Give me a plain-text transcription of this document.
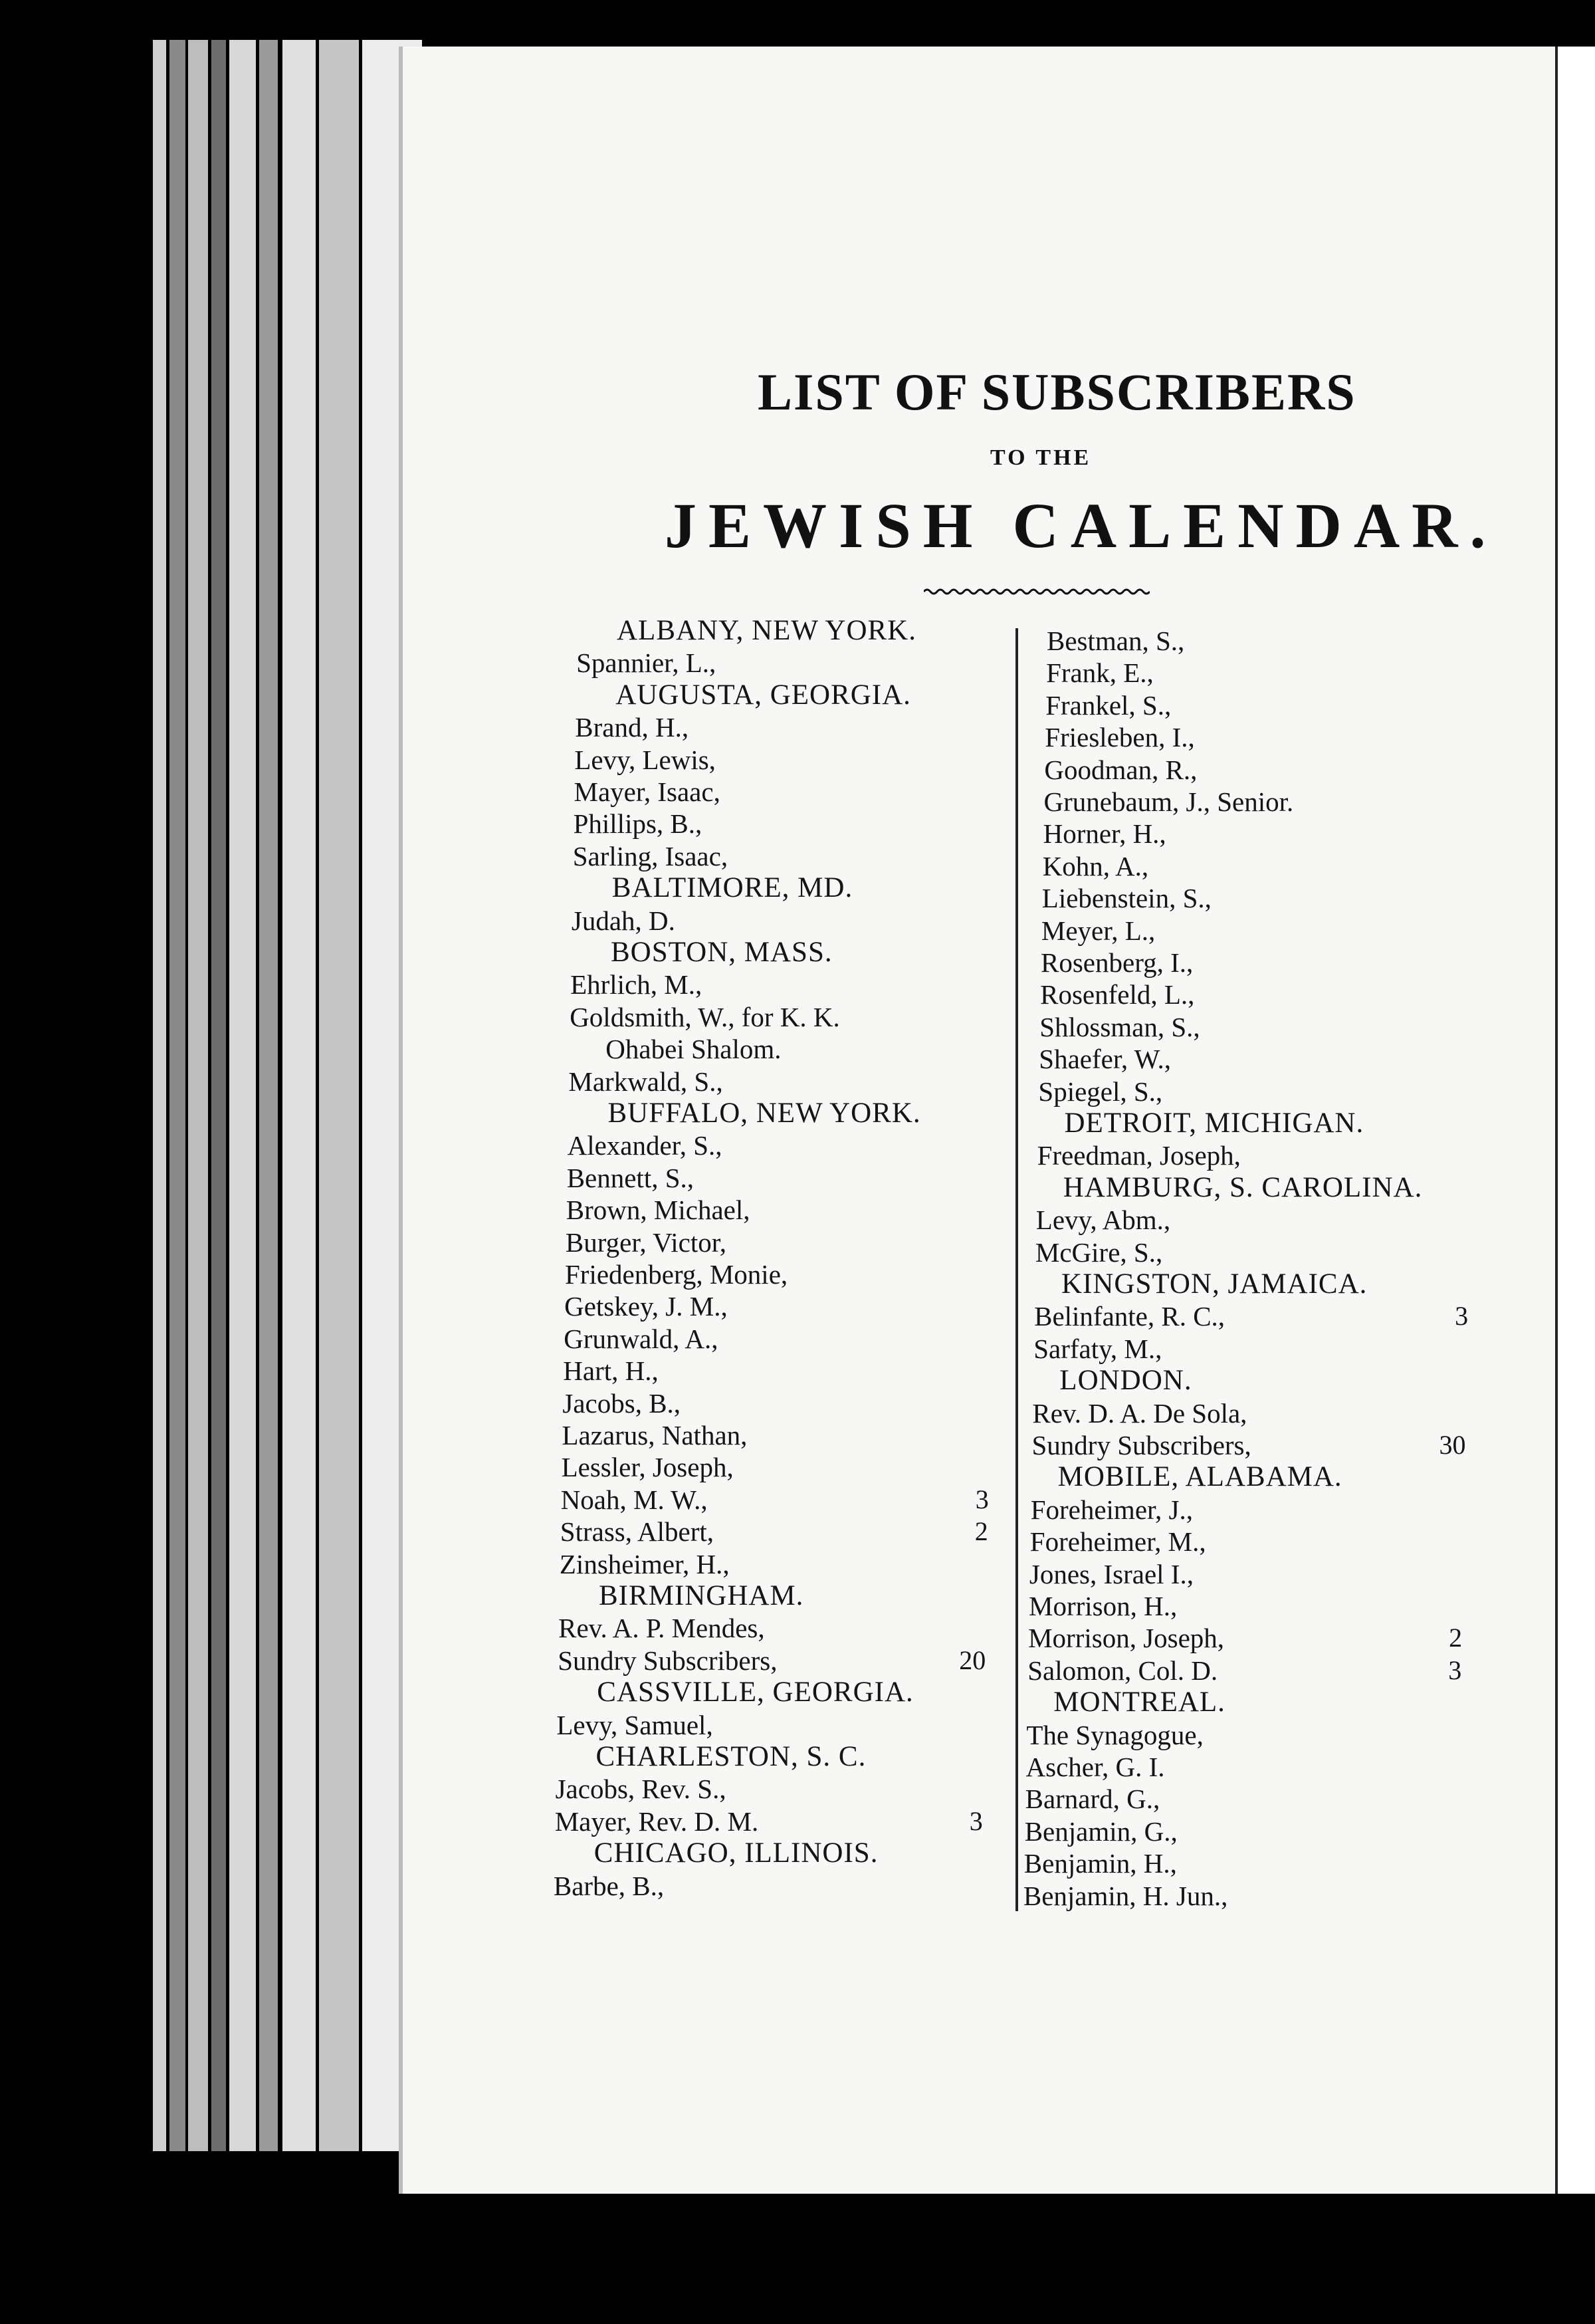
LIST OF SUBSCRIBERS
TO THE
JEWISH CALENDAR.
ALBANY, NEW YORK.
Spannier, L.,
AUGUSTA, GEORGIA.
Brand, H.,
Levy, Lewis,
Mayer, Isaac,
Phillips, B.,
Sarling, Isaac,
BALTIMORE, MD.
Judah, D.
BOSTON, MASS.
Ehrlich, M.,
Goldsmith, W., for K. K.
Ohabei Shalom.
Markwald, S.,
BUFFALO, NEW YORK.
Alexander, S.,
Bennett, S.,
Brown, Michael,
Burger, Victor,
Friedenberg, Monie,
Getskey, J. M.,
Grunwald, A.,
Hart, H.,
Jacobs, B.,
Lazarus, Nathan,
Lessler, Joseph,
Noah, M. W.,	3
Strass, Albert,	2
Zinsheimer, H.,
BIRMINGHAM.
Rev. A. P. Mendes,
Sundry Subscribers,	20
CASSVILLE, GEORGIA.
Levy, Samuel,
CHARLESTON, S. C.
Jacobs, Rev. S.,
Mayer, Rev. D. M.	3
CHICAGO, ILLINOIS.
Barbe, B.,
Bestman, S.,
Frank, E.,
Frankel, S.,
Friesleben, I.,
Goodman, R.,
Grunebaum, J., Senior.
Horner, H.,
Kohn, A.,
Liebenstein, S.,
Meyer, L.,
Rosenberg, I.,
Rosenfeld, L.,
Shlossman, S.,
Shaefer, W.,
Spiegel, S.,
DETROIT, MICHIGAN.
Freedman, Joseph,
HAMBURG, S. CAROLINA.
Levy, Abm.,
McGire, S.,
KINGSTON, JAMAICA.
Belinfante, R. C.,	3
Sarfaty, M.,
LONDON.
Rev. D. A. De Sola,
Sundry Subscribers,	30
MOBILE, ALABAMA.
Foreheimer, J.,
Foreheimer, M.,
Jones, Israel I.,
Morrison, H.,
Morrison, Joseph,	2
Salomon, Col. D.	3
MONTREAL.
The Synagogue,
Ascher, G. I.
Barnard, G.,
Benjamin, G.,
Benjamin, H.,
Benjamin, H. Jun.,
